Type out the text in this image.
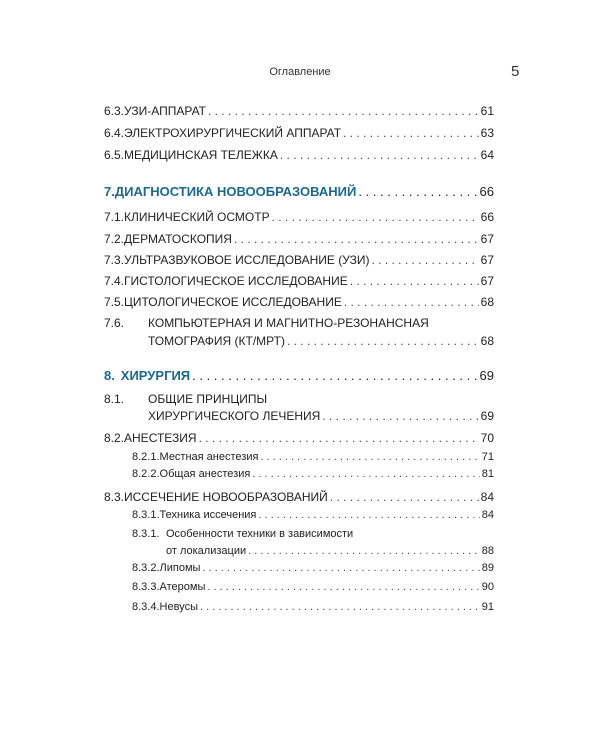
Оглавление	5
6.3. УЗИ-АППАРАТ . . .	61
6.4. ЭЛЕКТРОХИРУРГИЧЕСКИЙ АППАРАТ . . .	63
6.5. МЕДИЦИНСКАЯ ТЕЛЕЖКА . . .	64
7. ДИАГНОСТИКА НОВООБРАЗОВАНИЙ . . .	66
7.1. КЛИНИЧЕСКИЙ ОСМОТР . . .	66
7.2. ДЕРМАТОСКОПИЯ . . .	67
7.3. УЛЬТРАЗВУКОВОЕ ИССЛЕДОВАНИЕ (УЗИ) . . .	67
7.4. ГИСТОЛОГИЧЕСКОЕ ИССЛЕДОВАНИЕ . . .	67
7.5. ЦИТОЛОГИЧЕСКОЕ ИССЛЕДОВАНИЕ . . .	68
7.6. КОМПЬЮТЕРНАЯ И МАГНИТНО-РЕЗОНАНСНАЯ
ТОМОГРАФИЯ (КТ/МРТ) . . .	68
8. ХИРУРГИЯ . . .	69
8.1. ОБЩИЕ ПРИНЦИПЫ
ХИРУРГИЧЕСКОГО ЛЕЧЕНИЯ . . .	69
8.2. АНЕСТЕЗИЯ . . .	70
8.2.1. Местная анестезия . . .	71
8.2.2. Общая анестезия . . .	81
8.3. ИССЕЧЕНИЕ НОВООБРАЗОВАНИЙ . . .	84
8.3.1. Техника иссечения . . .	84
8.3.1. Особенности техники в зависимости
от локализации . . .	88
8.3.2. Липомы . . .	89
8.3.3. Атеромы . . .	90
8.3.4. Невусы . . .	91
